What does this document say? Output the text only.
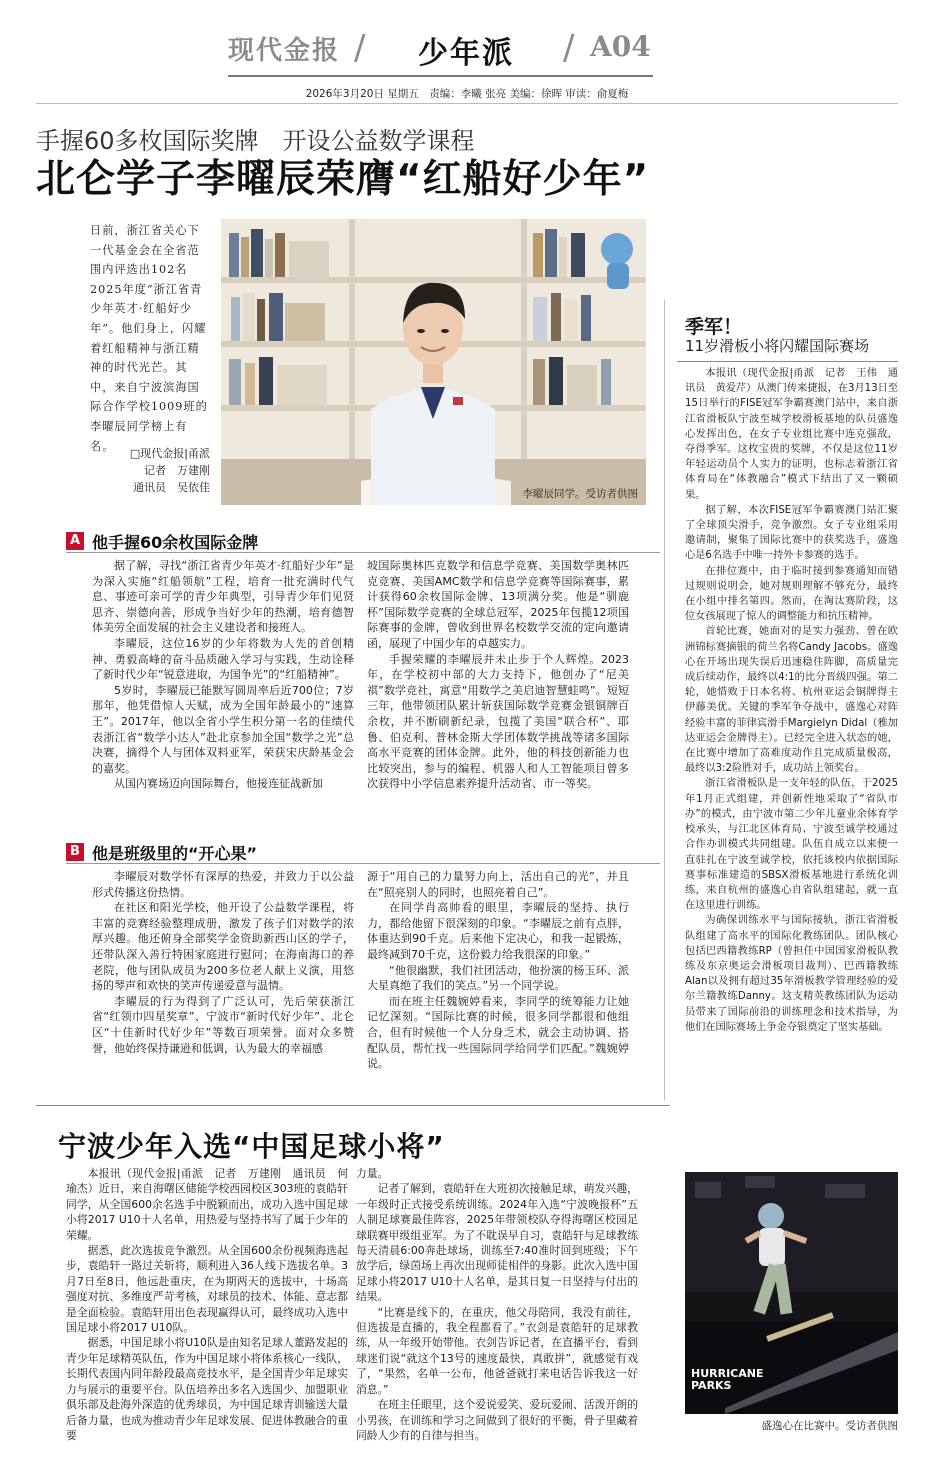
现代金报 / 少年派 / A04
2026年3月20日 星期五　责编：李曦 张亮 美编：徐晖 审读：俞夏梅
手握60多枚国际奖牌　开设公益数学课程
北仑学子李曜辰荣膺“红船好少年”
日前，浙江省关心下一代基金会在全省范围内评选出102名2025年度“浙江省青少年英才·红船好少年”。他们身上，闪耀着红船精神与浙江精神的时代光芒。其中，来自宁波滨海国际合作学校1009班的李曜辰同学榜上有名。
□现代金报|甬派
记者　万建刚
通讯员　吴依佳	李曜辰同学。受访者供图
A 他手握60余枚国际金牌

据了解，寻找“浙江省青少年英才·红船好少年”是为深入实施“红船领航”工程，培育一批充满时代气息、事迹可亲可学的青少年典型，引导青少年们见贤思齐、崇德向善，形成争当好少年的热潮，培育德智体美劳全面发展的社会主义建设者和接班人。

李曜辰，这位16岁的少年将数为人先的首创精神、勇毅高峰的奋斗品质融入学习与实践，生动诠释了新时代少年“锐意进取，为国争光”的“红船精神”。

5岁时，李曜辰已能默写圆周率后近700位；7岁那年，他凭借惊人天赋，成为全国年龄最小的“速算王”。2017年，他以全省小学生积分第一名的佳绩代表浙江省“数学小达人”赴北京参加全国“数学之光”总决赛，摘得个人与团体双料亚军，荣获宋庆龄基金会的嘉奖。

从国内赛场迈向国际舞台，他接连征战新加

坡国际奥林匹克数学和信息学竞赛、美国数学奥林匹克竞赛、美国AMC数学和信息学竞赛等国际赛事，累计获得60余枚国际金牌、13项满分奖。他是“驯鹿杯”国际数学竞赛的全球总冠军，2025年包揽12项国际赛事的金牌，曾收到世界名校数学交流的定向邀请函，展现了中国少年的卓越实力。

手握荣耀的李曜辰并未止步于个人辉煌。2023年，在学校初中部的大力支持下，他创办了“尼美祺”数学竞社，寓意“用数学之美启迪智慧蛙鸣”。短短三年，他带领团队累计斩获国际数学竞赛金银铜牌百余枚，并不断刷新纪录，包揽了美国“联合杯”、耶鲁、伯克利、普林金斯大学团体数学挑战等诸多国际高水平竞赛的团体金牌。此外，他的科技创新能力也比较突出，参与的编程、机器人和人工智能项目曾多次获得中小学信息素养提升活动省、市一等奖。

B 他是班级里的“开心果”

李曜辰对数学怀有深厚的热爱，并致力于以公益形式传播这份热情。

在社区和阳光学校，他开设了公益数学课程，将丰富的竞赛经验整理成册，激发了孩子们对数学的浓厚兴趣。他还俯身全部奖学金资助新西山区的学子，还带队深入善行特困家庭进行慰问；在海南海口的养老院，他与团队成员为200多位老人献上义演，用悠扬的琴声和欢快的笑声传递爱意与温情。

李曜辰的行为得到了广泛认可，先后荣获浙江省“红领巾四星奖章”、宁波市“新时代好少年”、北仑区“十佳新时代好少年”等数百项荣誉。面对众多赞誉，他始终保持谦逊和低调，认为最大的幸福感

源于“用自己的力量努力向上，活出自己的光”，并且在“照亮别人的同时，也照亮着自己”。

在同学肖高帅看的眼里，李曜辰的坚持、执行力，都给他留下很深刻的印象。“李曜辰之前有点胖，体重达到90千克。后来他下定决心，和我一起锻炼，最终减到70千克，这份毅力给我很深的印象。”

“他很幽默，我们社团活动，他扮演的杨玉环、派大星真绝了我们的笑点。”另一个同学说。

而在班主任魏婉婷看来，李同学的统筹能力让她记忆深刻。“国际比赛的时候，很多同学都很和他组合，但有时候他一个人分身乏术，就会主动协调、搭配队员，帮忙找一些国际同学给同学们匹配。”魏婉婷说。

季军！
11岁滑板小将闪耀国际赛场

本报讯（现代金报|甬派　记者　王伟　通讯员　黄爱芹）从澳门传来捷报，在3月13日至15日举行的FISE冠军争霸赛澳门站中，来自浙江省滑板队宁波至城学校滑板基地的队员盛逸心发挥出色，在女子专业组比赛中连克强敌，夺得季军。这枚宝贵的奖牌，不仅是这位11岁年轻运动员个人实力的证明，也标志着浙江省体育局在“体教融合”模式下结出了又一颗硕果。

据了解，本次FISE冠军争霸赛澳门站汇聚了全球顶尖滑手，竞争激烈。女子专业组采用邀请制，聚集了国际比赛中的获奖选手，盛逸心是6名选手中唯一持外卡参赛的选手。

在排位赛中，由于临时接到参赛通知而错过规则说明会，她对规则理解不够充分，最终在小组中排名第四。然而，在淘汰赛阶段，这位女孩展现了惊人的调整能力和抗压精神。

首轮比赛，她面对的是实力强劲、曾在欧洲锦标赛摘银的荷兰名将Candy Jacobs。盛逸心在开场出现失误后迅速稳住阵脚，高质量完成后续动作，最终以4:1的比分晋级四强。第二轮，她惜败于日本名将、杭州亚运会铜牌得主伊藤美优。关键的季军争夺战中，盛逸心对阵经验丰富的菲律宾滑手Margielyn Didal（雅加达亚运会金牌得主）。已经完全进入状态的她，在比赛中增加了高难度动作且完成质量极高，最终以3:2险胜对手，成功站上领奖台。

浙江省滑板队是一支年轻的队伍，于2025年1月正式组建，并创新性地采取了“省队市办”的模式，由宁波市第二少年儿童业余体育学校承头，与江北区体育局、宁波至诚学校通过合作办训模式共同组建。队伍自成立以来便一直驻扎在宁波至诚学校，依托该校内依据国际赛事标准建造的SBSX滑板基地进行系统化训练，来自杭州的盛逸心自省队组建起，就一直在这里进行训练。

为确保训练水平与国际接轨，浙江省滑板队组建了高水平的国际化教练团队。团队核心包括巴西籍教练RP（曾担任中国国家滑板队教练及东京奥运会滑板项目裁判）、巴西籍教练Alan以及拥有超过35年滑板教学管理经验的爱尔兰籍教练Danny。这支精英教练团队为运动员带来了国际前沿的训练理念和技术指导，为他们在国际赛场上争金夺银奠定了坚实基础。

HURRICANE
PARKS
盛逸心在比赛中。受访者供图
宁波少年入选“中国足球小将”

本报讯（现代金报|甬派　记者　万建刚　通讯员　何瑜杰）近日，来自海曙区储能学校西园校区303班的袁皓轩同学，从全国600余名选手中脱颖而出，成功入选中国足球小将2017 U10十人名单，用热爱与坚持书写了属于少年的荣耀。

据悉，此次选拔竞争激烈。从全国600余份视频海选起步，袁皓轩一路过关斩将，顺利进入36人线下选拔名单。3月7日至8日，他远赴重庆，在为期两天的选拔中，十场高强度对抗、多维度严苛考核，对球员的技术、体能、意志都是全面检验。袁皓轩用出色表现赢得认可，最终成功入选中国足球小将2017 U10队。

据悉，中国足球小将U10队是由知名足球人董路发起的青少年足球精英队伍，作为中国足球小将体系核心一线队，长期代表国内同年龄段最高竞技水平，是全国青少年足球实力与展示的重要平台。队伍培养出多名入选国少、加盟职业俱乐部及赴海外深造的优秀球员，为中国足球青训输送大量后备力量，也成为推动青少年足球发展、促进体教融合的重要

力量。

记者了解到，袁皓轩在大班初次接触足球，萌发兴趣，一年级时正式接受系统训练。2024年入选“宁波晚报杯”五人制足球赛最佳阵容，2025年带领校队夺得海曙区校园足球联赛甲级组亚军。为了不耽误早自习，袁皓轩与足球教练每天清晨6:00奔赴球场，训练至7:40准时回到班级；下午放学后，绿茵场上再次出现师徒相伴的身影。此次入选中国足球小将2017 U10十人名单，是其日复一日坚持与付出的结果。

“比赛是线下的，在重庆，他父母陪同，我没有前往，但选拔是直播的，我全程都看了。”衣剑是袁皓轩的足球教练，从一年级开始带他。衣剑告诉记者，在直播平台，看到球迷们说“就这个13号的速度最快，真敢拼”，就感觉有戏了，“果然，名单一公布，他爸爸就打来电话告诉我这一好消息。”

在班主任眼里，这个爱说爱笑、爱玩爱闹、活泼开朗的小男孩，在训练和学习之间做到了很好的平衡，骨子里藏着同龄人少有的自律与担当。
